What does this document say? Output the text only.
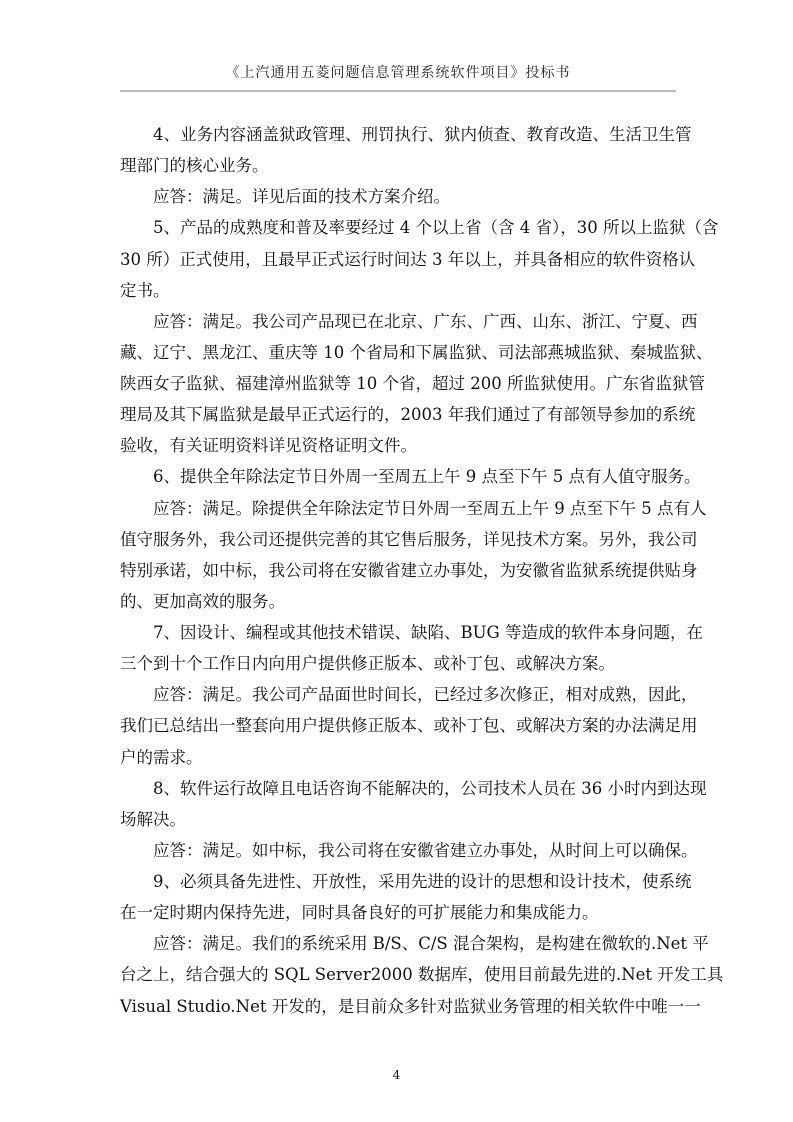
《上汽通用五菱问题信息管理系统软件项目》投标书
4、业务内容涵盖狱政管理、刑罚执行、狱内侦查、教育改造、生活卫生管
理部门的核心业务。
应答：满足。详见后面的技术方案介绍。
5、产品的成熟度和普及率要经过 4 个以上省（含 4 省），30 所以上监狱（含
30 所）正式使用，且最早正式运行时间达 3 年以上，并具备相应的软件资格认
定书。
应答：满足。我公司产品现已在北京、广东、广西、山东、浙江、宁夏、西
藏、辽宁、黑龙江、重庆等 10 个省局和下属监狱、司法部燕城监狱、秦城监狱、
陕西女子监狱、福建漳州监狱等 10 个省，超过 200 所监狱使用。广东省监狱管
理局及其下属监狱是最早正式运行的，2003 年我们通过了有部领导参加的系统
验收，有关证明资料详见资格证明文件。
6、提供全年除法定节日外周一至周五上午 9 点至下午 5 点有人值守服务。
应答：满足。除提供全年除法定节日外周一至周五上午 9 点至下午 5 点有人
值守服务外，我公司还提供完善的其它售后服务，详见技术方案。另外，我公司
特别承诺，如中标，我公司将在安徽省建立办事处，为安徽省监狱系统提供贴身
的、更加高效的服务。
7、因设计、编程或其他技术错误、缺陷、BUG 等造成的软件本身问题，在
三个到十个工作日内向用户提供修正版本、或补丁包、或解决方案。
应答：满足。我公司产品面世时间长，已经过多次修正，相对成熟，因此，
我们已总结出一整套向用户提供修正版本、或补丁包、或解决方案的办法满足用
户的需求。
8、软件运行故障且电话咨询不能解决的，公司技术人员在 36 小时内到达现
场解决。
应答：满足。如中标，我公司将在安徽省建立办事处，从时间上可以确保。
9、必须具备先进性、开放性，采用先进的设计的思想和设计技术，使系统
在一定时期内保持先进，同时具备良好的可扩展能力和集成能力。
应答：满足。我们的系统采用 B/S、C/S 混合架构，是构建在微软的.Net 平
台之上，结合强大的 SQL Server2000 数据库，使用目前最先进的.Net 开发工具
Visual Studio.Net 开发的，是目前众多针对监狱业务管理的相关软件中唯一一
4
